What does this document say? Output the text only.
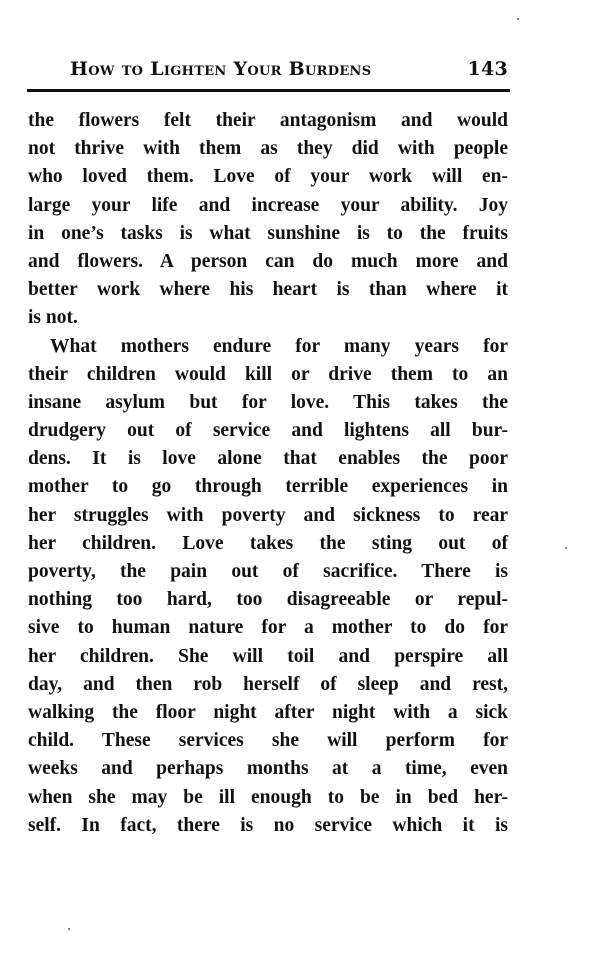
How to Lighten Your Burdens	143
the flowers felt their antagonism and would
not thrive with them as they did with people
who loved them. Love of your work will en-
large your life and increase your ability. Joy
in one’s tasks is what sunshine is to the fruits
and flowers. A person can do much more and
better work where his heart is than where it
is not.
What mothers endure for many years for
their children would kill or drive them to an
insane asylum but for love. This takes the
drudgery out of service and lightens all bur-
dens. It is love alone that enables the poor
mother to go through terrible experiences in
her struggles with poverty and sickness to rear
her children. Love takes the sting out of
poverty, the pain out of sacrifice. There is
nothing too hard, too disagreeable or repul-
sive to human nature for a mother to do for
her children. She will toil and perspire all
day, and then rob herself of sleep and rest,
walking the floor night after night with a sick
child. These services she will perform for
weeks and perhaps months at a time, even
when she may be ill enough to be in bed her-
self. In fact, there is no service which it is
